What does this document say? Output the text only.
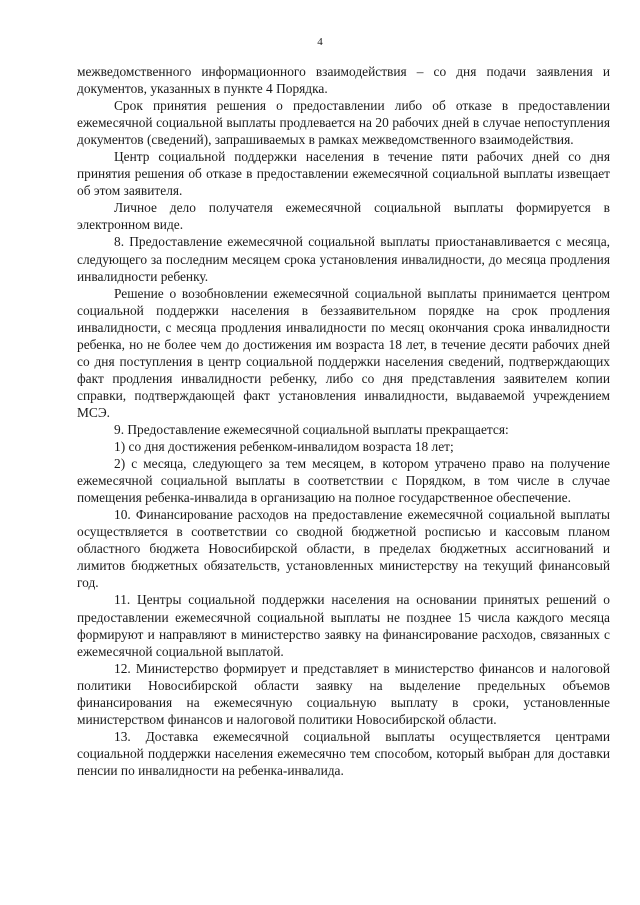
4

межведомственного информационного взаимодействия – со дня подачи заявления и документов, указанных в пункте 4 Порядка.

Срок принятия решения о предоставлении либо об отказе в предоставлении ежемесячной социальной выплаты продлевается на 20 рабочих дней в случае непоступления документов (сведений), запрашиваемых в рамках межведомственного взаимодействия.

Центр социальной поддержки населения в течение пяти рабочих дней со дня принятия решения об отказе в предоставлении ежемесячной социальной выплаты извещает об этом заявителя.

Личное дело получателя ежемесячной социальной выплаты формируется в электронном виде.

8. Предоставление ежемесячной социальной выплаты приостанавливается с месяца, следующего за последним месяцем срока установления инвалидности, до месяца продления инвалидности ребенку.

Решение о возобновлении ежемесячной социальной выплаты принимается центром социальной поддержки населения в беззаявительном порядке на срок продления инвалидности, с месяца продления инвалидности по месяц окончания срока инвалидности ребенка, но не более чем до достижения им возраста 18 лет, в течение десяти рабочих дней со дня поступления в центр социальной поддержки населения сведений, подтверждающих факт продления инвалидности ребенку, либо со дня представления заявителем копии справки, подтверждающей факт установления инвалидности, выдаваемой учреждением МСЭ.

9. Предоставление ежемесячной социальной выплаты прекращается:

1) со дня достижения ребенком-инвалидом возраста 18 лет;

2) с месяца, следующего за тем месяцем, в котором утрачено право на получение ежемесячной социальной выплаты в соответствии с Порядком, в том числе в случае помещения ребенка-инвалида в организацию на полное государственное обеспечение.

10. Финансирование расходов на предоставление ежемесячной социальной выплаты осуществляется в соответствии со сводной бюджетной росписью и кассовым планом областного бюджета Новосибирской области, в пределах бюджетных ассигнований и лимитов бюджетных обязательств, установленных министерству на текущий финансовый год.

11. Центры социальной поддержки населения на основании принятых решений о предоставлении ежемесячной социальной выплаты не позднее 15 числа каждого месяца формируют и направляют в министерство заявку на финансирование расходов, связанных с ежемесячной социальной выплатой.

12. Министерство формирует и представляет в министерство финансов и налоговой политики Новосибирской области заявку на выделение предельных объемов финансирования на ежемесячную социальную выплату в сроки, установленные министерством финансов и налоговой политики Новосибирской области.

13. Доставка ежемесячной социальной выплаты осуществляется центрами социальной поддержки населения ежемесячно тем способом, который выбран для доставки пенсии по инвалидности на ребенка-инвалида.
